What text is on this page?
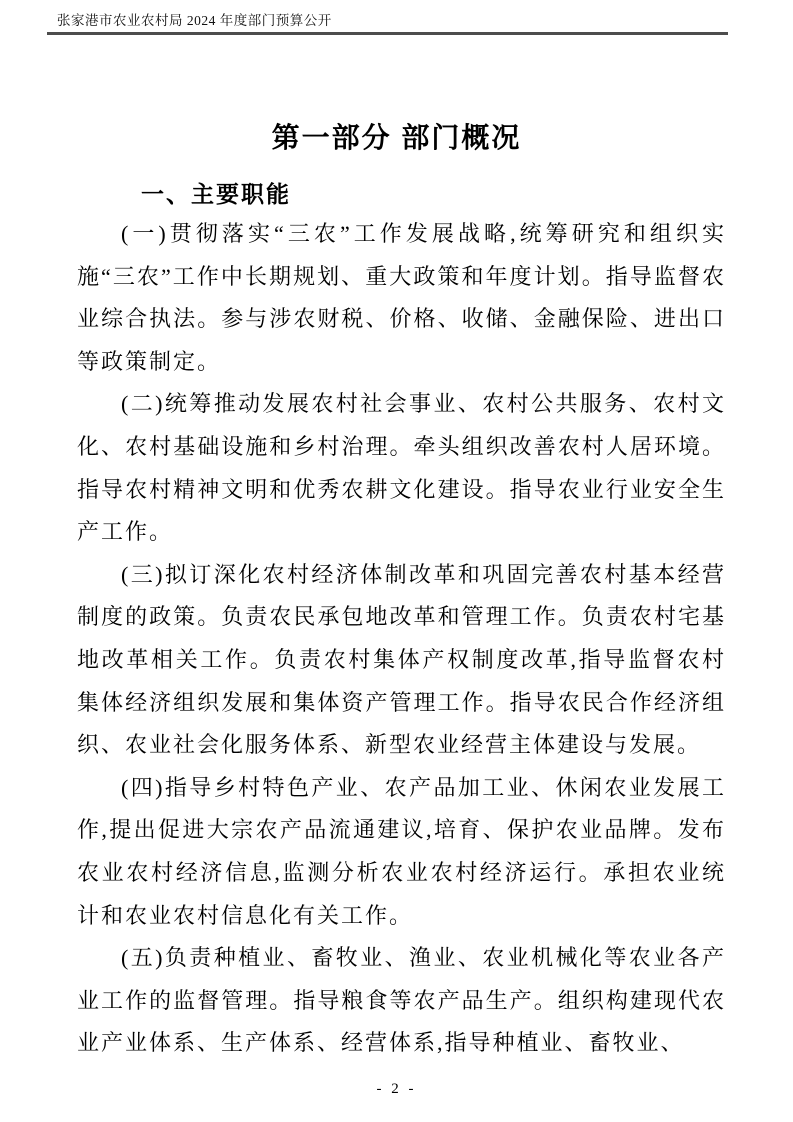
张家港市农业农村局 2024 年度部门预算公开
第一部分 部门概况
一、主要职能

(一)贯彻落实“三农”工作发展战略,统筹研究和组织实施“三农”工作中长期规划、重大政策和年度计划。指导监督农业综合执法。参与涉农财税、价格、收储、金融保险、进出口等政策制定。

(二)统筹推动发展农村社会事业、农村公共服务、农村文化、农村基础设施和乡村治理。牵头组织改善农村人居环境。指导农村精神文明和优秀农耕文化建设。指导农业行业安全生产工作。

(三)拟订深化农村经济体制改革和巩固完善农村基本经营制度的政策。负责农民承包地改革和管理工作。负责农村宅基地改革相关工作。负责农村集体产权制度改革,指导监督农村集体经济组织发展和集体资产管理工作。指导农民合作经济组织、农业社会化服务体系、新型农业经营主体建设与发展。

(四)指导乡村特色产业、农产品加工业、休闲农业发展工作,提出促进大宗农产品流通建议,培育、保护农业品牌。发布农业农村经济信息,监测分析农业农村经济运行。承担农业统计和农业农村信息化有关工作。

(五)负责种植业、畜牧业、渔业、农业机械化等农业各产业工作的监督管理。指导粮食等农产品生产。组织构建现代农业产业体系、生产体系、经营体系,指导种植业、畜牧业、

- 2 -
